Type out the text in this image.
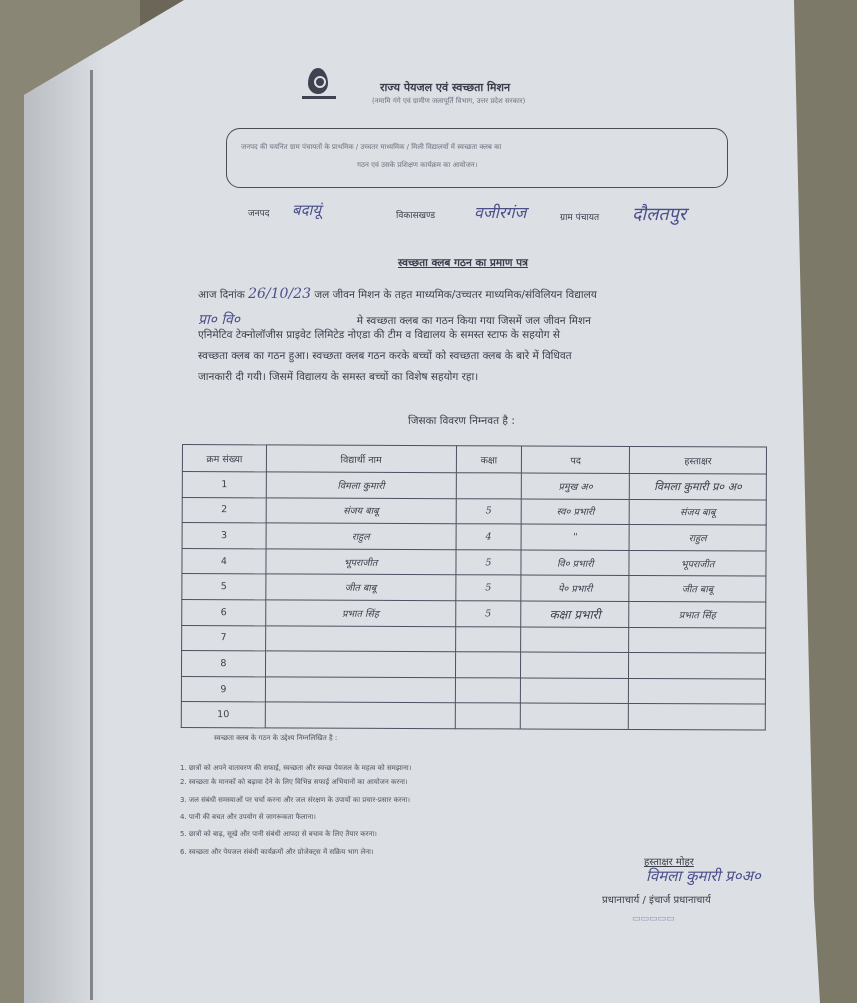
राज्य पेयजल एवं स्वच्छता मिशन
(नमामि गंगे एवं ग्रामीण जलापूर्ति विभाग, उत्तर प्रदेश सरकार)
जनपद की चयनित ग्राम पंचायतों के प्राथमिक / उच्चतर माध्यमिक / मिली विद्यालयों में स्वच्छता क्लब का
गठन एवं उसके प्रशिक्षण कार्यक्रम का आयोजन।
जनपद बदायूं	विकासखण्ड वजीरगंज	ग्राम पंचायत दौलतपुर
स्वच्छता क्लब गठन का प्रमाण पत्र
आज दिनांक 26/10/23 जल जीवन मिशन के तहत माध्यमिक/उच्चतर माध्यमिक/संविलियन विद्यालय
प्रा० वि०	मे स्वच्छता क्लब का गठन किया गया जिसमें जल जीवन मिशन
एनिमेटिव टेक्नोलॉजीस प्राइवेट लिमिटेड नोएडा की टीम व विद्यालय के समस्त स्टाफ के सहयोग से
स्वच्छता क्लब का गठन हुआ। स्वच्छता क्लब गठन करके बच्चों को स्वच्छता क्लब के बारे में विधिवत
जानकारी दी गयी। जिसमें विद्यालय के समस्त बच्चों का विशेष सहयोग रहा।
जिसका विवरण निम्नवत है :
क्रम संख्या	विद्यार्थी नाम	कक्षा	पद	हस्ताक्षर
1	विमला कुमारी		प्रमुख अ०	विमला कुमारी प्र० अ०
2	संजय बाबू	5	स्व० प्रभारी	संजय बाबू
3	राहुल	4	"	राहुल
4	भूपराजीत	5	वि० प्रभारी	भूपराजीत
5	जीत बाबू	5	पे० प्रभारी	जीत बाबू
6	प्रभात सिंह	5	कक्षा प्रभारी	प्रभात सिंह
7				
8				
9				
10				
स्वच्छता क्लब के गठन के उद्देश्य निम्नलिखित है :
1. छात्रों को अपने वातावरण की सफाई, स्वच्छता और स्वच्छ पेयजल के महत्व को समझाना।
2. स्वच्छता के मानकों को बढ़ावा देने के लिए विभिन्न सफाई अभियानों का आयोजन करना।
3. जल संबंधी समस्याओं पर चर्चा करना और जल संरक्षण के उपायों का प्रचार-प्रसार करना।
4. पानी की बचत और उपयोग से जागरूकता फैलाना।
5. छात्रों को बाढ़, सूखे और पानी संबंधी आपदा से बचाव के लिए तैयार करना।
6. स्वच्छता और पेयजल संबंधी कार्यक्रमों और प्रोजेक्ट्स में सक्रिय भाग लेना।
हस्ताक्षर मोहर
विमला कुमारी प्र०अ०
प्रधानाचार्य / इंचार्ज प्रधानाचार्य
▭▭▭▭▭
